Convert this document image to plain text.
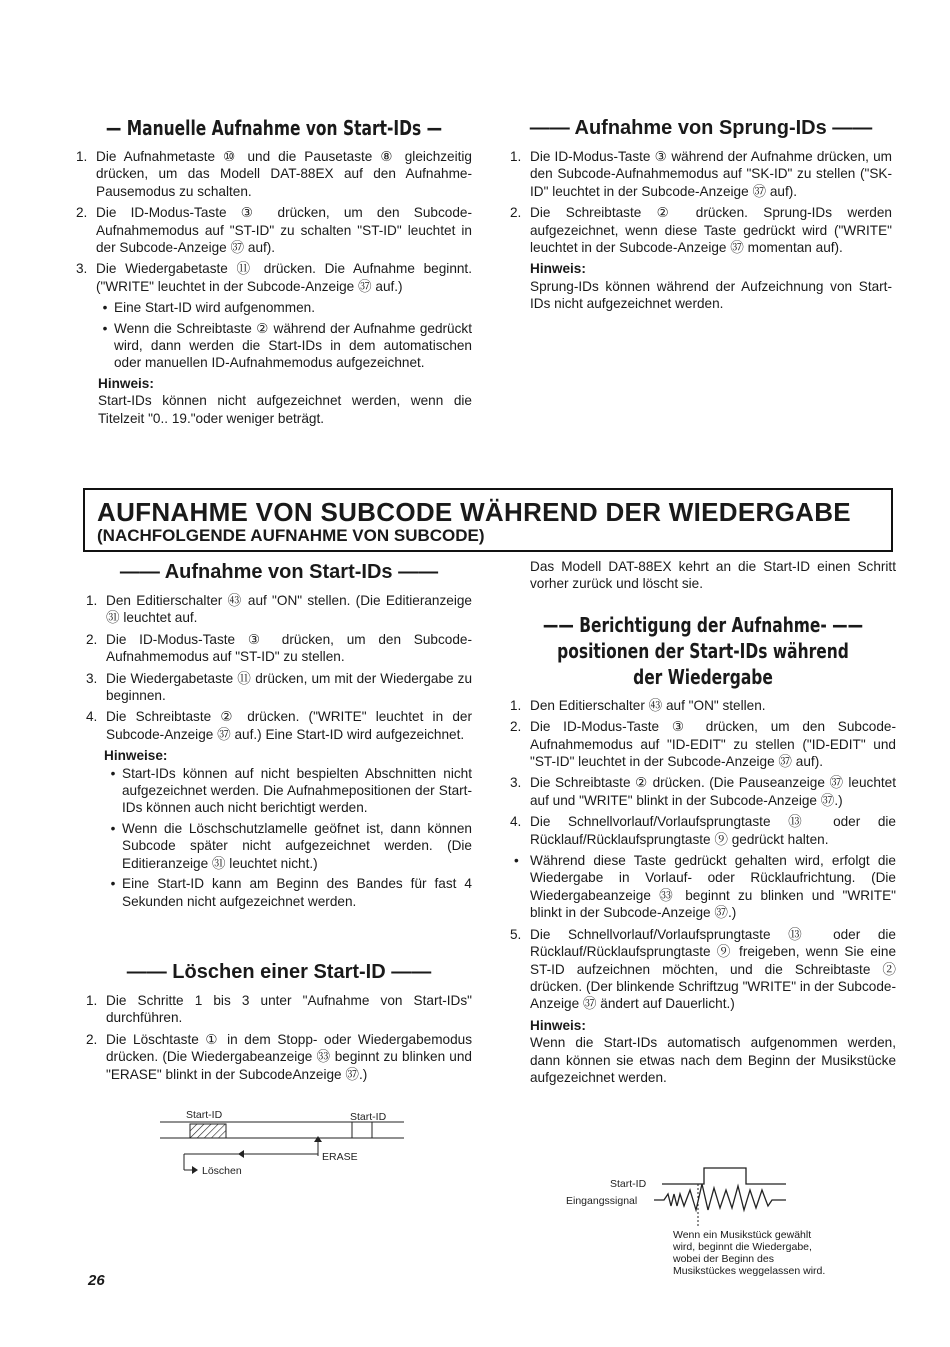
— Manuelle Aufnahme von Start-IDs —
1. Die Aufnahmetaste ⑩ und die Pausetaste ⑧ gleichzeitig drücken, um das Modell DAT-88EX auf den Aufnahme-Pausemodus zu schalten.
2. Die ID-Modus-Taste ③ drücken, um den Subcode-Aufnahmemodus auf "ST-ID" zu schalten "ST-ID" leuchtet in der Subcode-Anzeige ㊲ auf).
3. Die Wiedergabetaste ⑪ drücken. Die Aufnahme beginnt. ("WRITE" leuchtet in der Subcode-Anzeige ㊲ auf.)
• Eine Start-ID wird aufgenommen.
• Wenn die Schreibtaste ② während der Aufnahme gedrückt wird, dann werden die Start-IDs in dem automatischen oder manuellen ID-Aufnahmemodus aufgezeichnet.
Hinweis:
Start-IDs können nicht aufgezeichnet werden, wenn die Titelzeit "0.. 19."oder weniger beträgt.
—— Aufnahme von Sprung-IDs ——
1. Die ID-Modus-Taste ③ während der Aufnahme drücken, um den Subcode-Aufnahmemodus auf "SK-ID" zu stellen ("SK-ID" leuchtet in der Subcode-Anzeige ㊲ auf).
2. Die Schreibtaste ② drücken. Sprung-IDs werden aufgezeichnet, wenn diese Taste gedrückt wird ("WRITE" leuchtet in der Subcode-Anzeige ㊲ momentan auf).
Hinweis:
Sprung-IDs können während der Aufzeichnung von Start-IDs nicht aufgezeichnet werden.
AUFNAHME VON SUBCODE WÄHREND DER WIEDERGABE
(NACHFOLGENDE AUFNAHME VON SUBCODE)
—— Aufnahme von Start-IDs ——
1. Den Editierschalter ㊸ auf "ON" stellen. (Die Editieranzeige ㉛ leuchtet auf.
2. Die ID-Modus-Taste ③ drücken, um den Subcode-Aufnahmemodus auf "ST-ID" zu stellen.
3. Die Wiedergabetaste ⑪ drücken, um mit der Wiedergabe zu beginnen.
4. Die Schreibtaste ② drücken. ("WRITE" leuchtet in der Subcode-Anzeige ㊲ auf.) Eine Start-ID wird aufgezeichnet.
Hinweise:
• Start-IDs können auf nicht bespielten Abschnitten nicht aufgezeichnet werden. Die Aufnahmepositionen der Start-IDs können auch nicht berichtigt werden.
• Wenn die Löschschutzlamelle geöfnet ist, dann können Subcode später nicht aufgezeichnet werden. (Die Editieranzeige ㉛ leuchtet nicht.)
• Eine Start-ID kann am Beginn des Bandes für fast 4 Sekunden nicht aufgezeichnet werden.
—— Löschen einer Start-ID ——
1. Die Schritte 1 bis 3 unter "Aufnahme von Start-IDs" durchführen.
2. Die Löschtaste ① in dem Stopp- oder Wiedergabemodus drücken. (Die Wiedergabeanzeige ㉝ beginnt zu blinken und "ERASE" blinkt in der SubcodeAnzeige ㊲.)
Start-ID	Start-ID
ERASE
Löschen
Das Modell DAT-88EX kehrt an die Start-ID einen Schritt vorher zurück und löscht sie.
—— Berichtigung der Aufnahme- ——
positionen der Start-IDs während
der Wiedergabe
1. Den Editierschalter ㊸ auf "ON" stellen.
2. Die ID-Modus-Taste ③ drücken, um den Subcode-Aufnahmemodus auf "ID-EDIT" zu stellen ("ID-EDIT" und "ST-ID" leuchtet in der Subcode-Anzeige ㊲ auf).
3. Die Schreibtaste ② drücken. (Die Pauseanzeige ㊲ leuchtet auf und "WRITE" blinkt in der Subcode-Anzeige ㊲.)
4. Die Schnellvorlauf/Vorlaufsprungtaste ⑬ oder die Rücklauf/Rücklaufsprungtaste ⑨ gedrückt halten.
• Während diese Taste gedrückt gehalten wird, erfolgt die Wiedergabe in Vorlauf- oder Rücklaufrichtung. (Die Wiedergabeanzeige ㉝ beginnt zu blinken und "WRITE" blinkt in der Subcode-Anzeige ㊲.)
5. Die Schnellvorlauf/Vorlaufsprungtaste ⑬ oder die Rücklauf/Rücklaufsprungtaste ⑨ freigeben, wenn Sie eine ST-ID aufzeichnen möchten, und die Schreibtaste ② drücken. (Der blinkende Schriftzug "WRITE" in der Subcode-Anzeige ㊲ ändert auf Dauerlicht.)
Hinweis:
Wenn die Start-IDs automatisch aufgenommen werden, dann können sie etwas nach dem Beginn der Musikstücke aufgezeichnet werden.
Start-ID
Eingangssignal
Wenn ein Musikstück gewählt wird, beginnt die Wiedergabe, wobei der Beginn des Musikstückes weggelassen wird.
26
